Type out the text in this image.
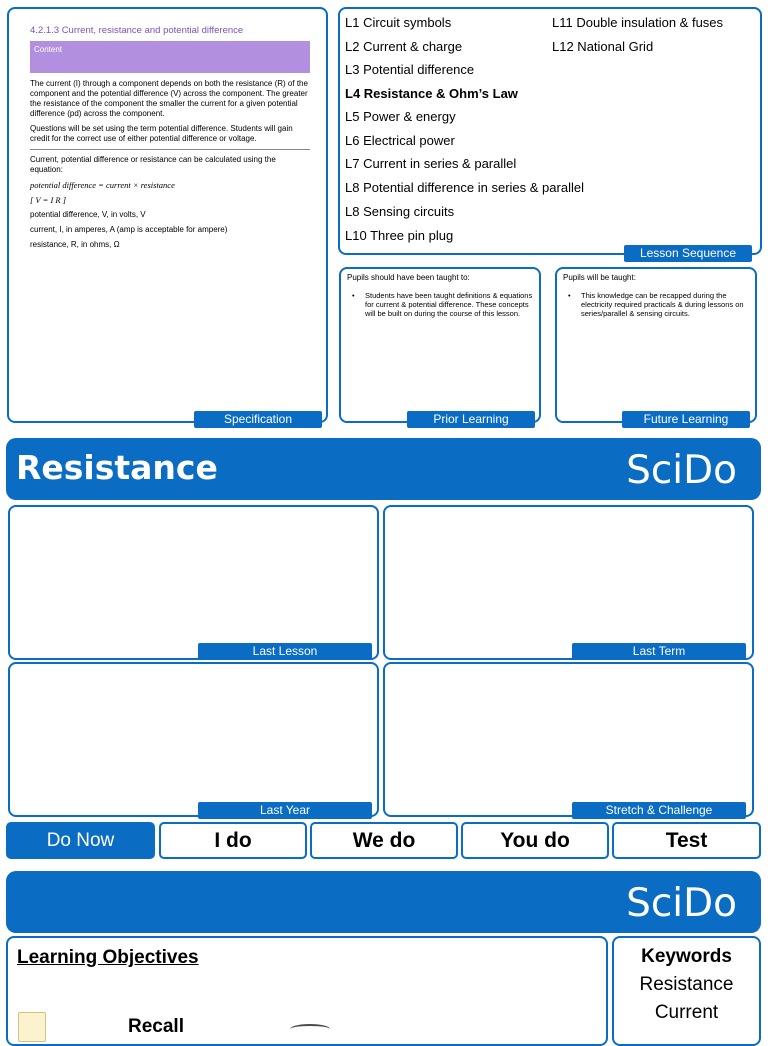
4.2.1.3 Current, resistance and potential difference
Content

The current (I) through a component depends on both the resistance (R) of the component and the potential difference (V) across the component. The greater the resistance of the component the smaller the current for a given potential difference (pd) across the component.

Questions will be set using the term potential difference. Students will gain credit for the correct use of either potential difference or voltage.

Current, potential difference or resistance can be calculated using the equation:

potential difference = current × resistance

[ V = I R ]

potential difference, V, in volts, V

current, I, in amperes, A (amp is acceptable for ampere)

resistance, R, in ohms, Ω

Specification
L1 Circuit symbols
L2 Current & charge
L3 Potential difference
L4 Resistance & Ohm’s Law
L5 Power & energy
L6 Electrical power
L7 Current in series & parallel
L8 Potential difference in series & parallel
L8 Sensing circuits
L10 Three pin plug
L11 Double insulation & fuses
L12 National Grid
Lesson Sequence
Pupils should have been taught to:
• Students have been taught definitions & equations for current & potential difference. These concepts will be built on during the course of this lesson.
Prior Learning
Pupils will be taught:
• This knowledge can be recapped during the electricity required practicals & during lessons on series/parallel & sensing circuits.
Future Learning
Resistance	SciDo
Last Lesson	Last Term
Last Year	Stretch & Challenge
Do Now	I do	We do	You do	Test
SciDo
Learning Objectives
Recall
Keywords
Resistance
Current
